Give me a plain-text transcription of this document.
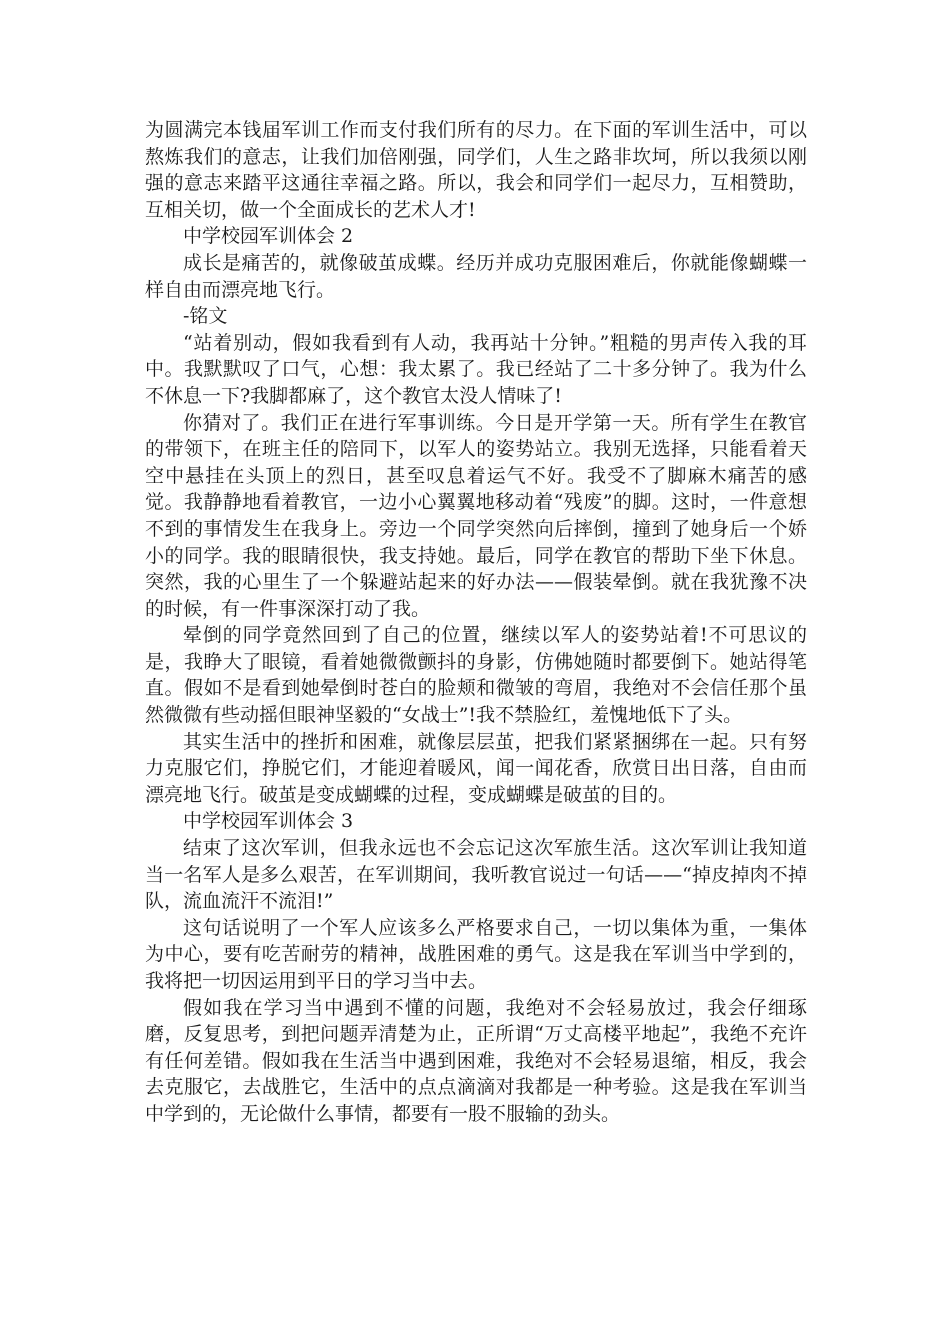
为圆满完本钱届军训工作而支付我们所有的尽力。在下面的军训生活中，可以熬炼我们的意志，让我们加倍刚强，同学们，人生之路非坎坷，所以我须以刚强的意志来踏平这通往幸福之路。所以，我会和同学们一起尽力，互相赞助，互相关切，做一个全面成长的艺术人才!

中学校园军训体会 2

成长是痛苦的，就像破茧成蝶。经历并成功克服困难后，你就能像蝴蝶一样自由而漂亮地飞行。

-铭文

“站着别动，假如我看到有人动，我再站十分钟。”粗糙的男声传入我的耳中。我默默叹了口气，心想：我太累了。我已经站了二十多分钟了。我为什么不休息一下?我脚都麻了，这个教官太没人情味了!

你猜对了。我们正在进行军事训练。今日是开学第一天。所有学生在教官的带领下，在班主任的陪同下，以军人的姿势站立。我别无选择，只能看着天空中悬挂在头顶上的烈日，甚至叹息着运气不好。我受不了脚麻木痛苦的感觉。我静静地看着教官，一边小心翼翼地移动着“残废”的脚。这时，一件意想不到的事情发生在我身上。旁边一个同学突然向后摔倒，撞到了她身后一个娇小的同学。我的眼睛很快，我支持她。最后，同学在教官的帮助下坐下休息。突然，我的心里生了一个躲避站起来的好办法——假装晕倒。就在我犹豫不决的时候，有一件事深深打动了我。

晕倒的同学竟然回到了自己的位置，继续以军人的姿势站着!不可思议的是，我睁大了眼镜，看着她微微颤抖的身影，仿佛她随时都要倒下。她站得笔直。假如不是看到她晕倒时苍白的脸颊和微皱的弯眉，我绝对不会信任那个虽然微微有些动摇但眼神坚毅的“女战士”!我不禁脸红，羞愧地低下了头。

其实生活中的挫折和困难，就像层层茧，把我们紧紧捆绑在一起。只有努力克服它们，挣脱它们，才能迎着暖风，闻一闻花香，欣赏日出日落，自由而漂亮地飞行。破茧是变成蝴蝶的过程，变成蝴蝶是破茧的目的。

中学校园军训体会 3

结束了这次军训，但我永远也不会忘记这次军旅生活。这次军训让我知道当一名军人是多么艰苦，在军训期间，我听教官说过一句话——“掉皮掉肉不掉队，流血流汗不流泪!”

这句话说明了一个军人应该多么严格要求自己，一切以集体为重，一集体为中心，要有吃苦耐劳的精神，战胜困难的勇气。这是我在军训当中学到的，我将把一切因运用到平日的学习当中去。

假如我在学习当中遇到不懂的问题，我绝对不会轻易放过，我会仔细琢磨，反复思考，到把问题弄清楚为止，正所谓“万丈高楼平地起”，我绝不充许有任何差错。假如我在生活当中遇到困难，我绝对不会轻易退缩，相反，我会去克服它，去战胜它，生活中的点点滴滴对我都是一种考验。这是我在军训当中学到的，无论做什么事情，都要有一股不服输的劲头。
